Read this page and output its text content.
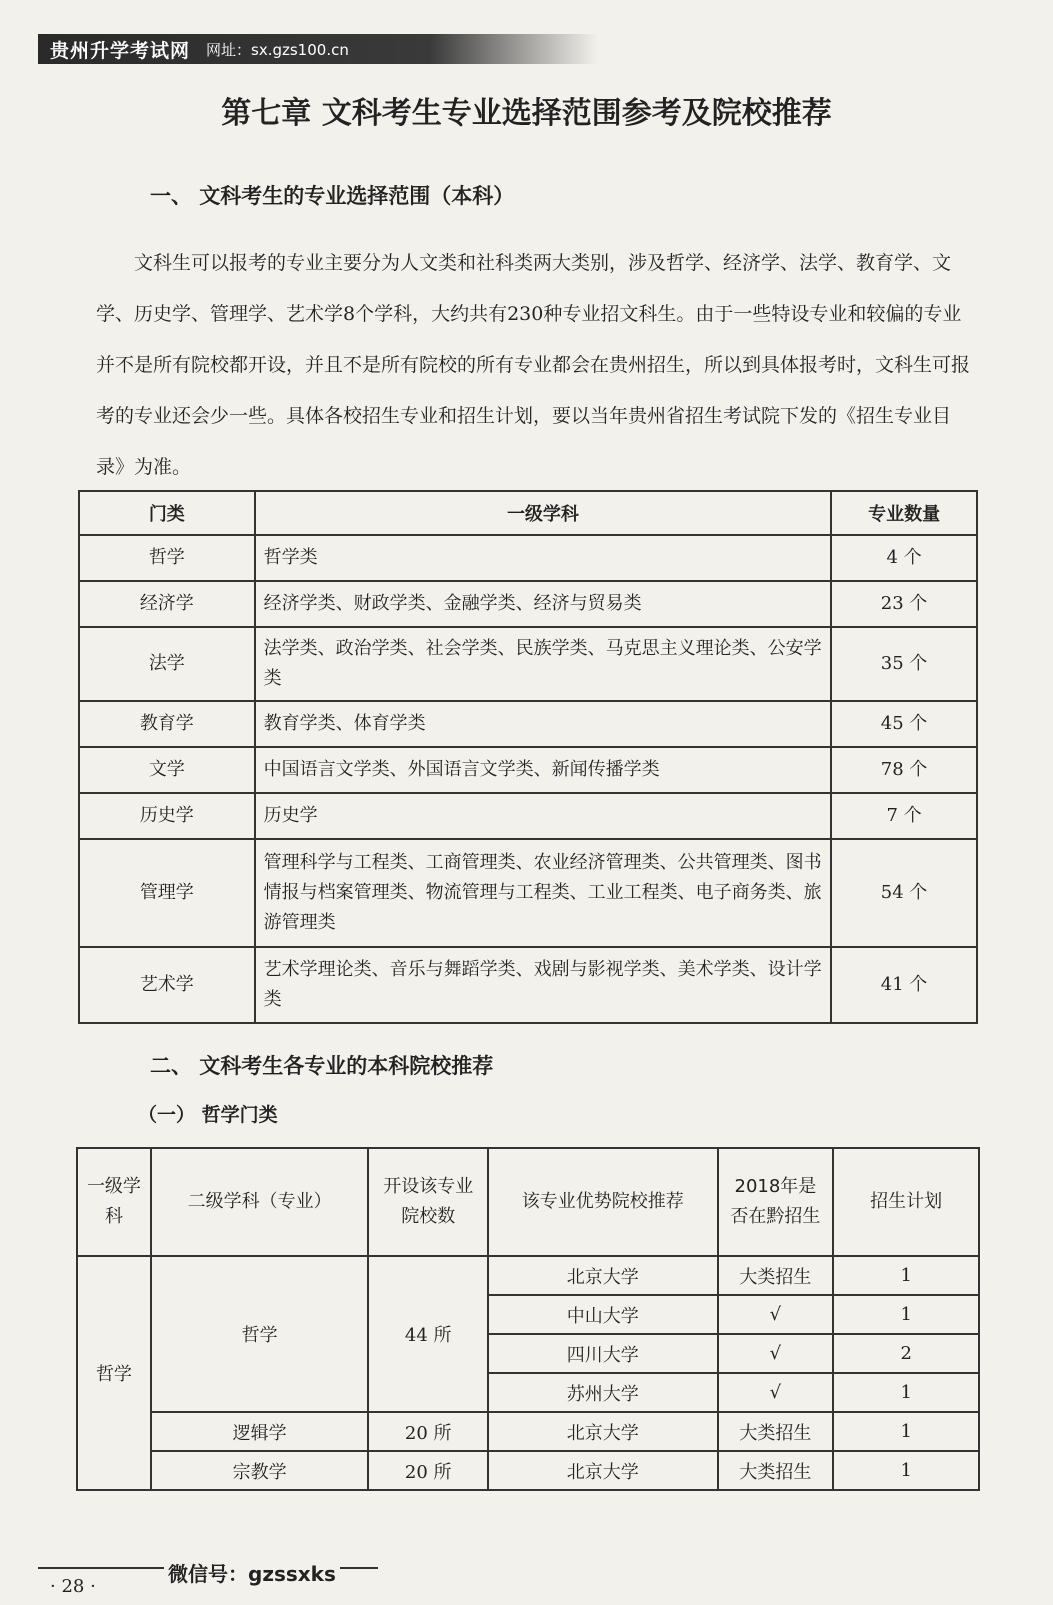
贵州升学考试网 网址：sx.gzs100.cn
第七章 文科考生专业选择范围参考及院校推荐
一、 文科考生的专业选择范围（本科）

文科生可以报考的专业主要分为人文类和社科类两大类别，涉及哲学、经济学、法学、教育学、文学、历史学、管理学、艺术学8个学科，大约共有230种专业招文科生。由于一些特设专业和较偏的专业并不是所有院校都开设，并且不是所有院校的所有专业都会在贵州招生，所以到具体报考时，文科生可报考的专业还会少一些。具体各校招生专业和招生计划，要以当年贵州省招生考试院下发的《招生专业目录》为准。

门类	一级学科	专业数量
哲学	哲学类	4 个
经济学	经济学类、财政学类、金融学类、经济与贸易类	23 个
法学	法学类、政治学类、社会学类、民族学类、马克思主义理论类、公安学类	35 个
教育学	教育学类、体育学类	45 个
文学	中国语言文学类、外国语言文学类、新闻传播学类	78 个
历史学	历史学	7 个
管理学	管理科学与工程类、工商管理类、农业经济管理类、公共管理类、图书情报与档案管理类、物流管理与工程类、工业工程类、电子商务类、旅游管理类	54 个
艺术学	艺术学理论类、音乐与舞蹈学类、戏剧与影视学类、美术学类、设计学类	41 个
二、 文科考生各专业的本科院校推荐
（一） 哲学门类
一级学科	二级学科（专业）	开设该专业院校数	该专业优势院校推荐	2018年是否在黔招生	招生计划
哲学	哲学	44 所	北京大学	大类招生	1
			中山大学	√	1
			四川大学	√	2
			苏州大学	√	1
	逻辑学	20 所	北京大学	大类招生	1
	宗教学	20 所	北京大学	大类招生	1
· 28 ·
微信号：gzssxks
